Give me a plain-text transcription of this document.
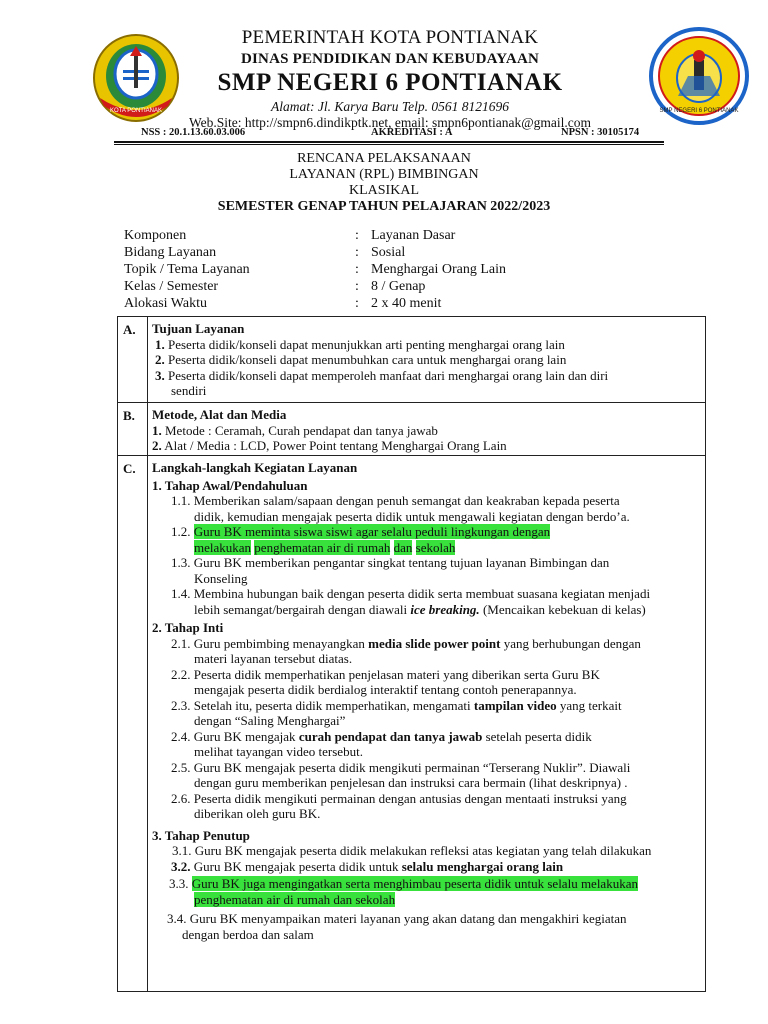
KOTA PONTIANAK
PEMERINTAH KOTA PONTIANAK
DINAS PENDIDIKAN DAN KEBUDAYAAN
SMP NEGERI 6 PONTIANAK
Alamat: Jl. Karya Baru Telp. 0561 8121696
Web.Site: http://smpn6.dindikptk.net, email: smpn6pontianak@gmail.com
SMP NEGERI 6 PONTIANAK
NSS : 20.1.13.60.03.006	AKREDITASI : A	NPSN : 30105174
RENCANA PELAKSANAAN
LAYANAN (RPL) BIMBINGAN
KLASIKAL
SEMESTER GENAP TAHUN PELAJARAN 2022/2023
Komponen	: Layanan Dasar
Bidang Layanan	: Sosial
Topik / Tema Layanan	: Menghargai Orang Lain
Kelas / Semester	: 8 / Genap
Alokasi Waktu	: 2 x 40 menit
A. Tujuan Layanan
1. Peserta didik/konseli dapat menunjukkan arti penting menghargai orang lain
2. Peserta didik/konseli dapat menumbuhkan cara untuk menghargai orang lain
3. Peserta didik/konseli dapat memperoleh manfaat dari menghargai orang lain dan diri
sendiri
B. Metode, Alat dan Media
1. Metode : Ceramah, Curah pendapat dan tanya jawab
2. Alat / Media : LCD, Power Point tentang Menghargai Orang Lain
C. Langkah-langkah Kegiatan Layanan
1. Tahap Awal/Pendahuluan
1.1. Memberikan salam/sapaan dengan penuh semangat dan keakraban kepada peserta
didik, kemudian mengajak peserta didik untuk mengawali kegiatan dengan berdo’a.
1.2. Guru BK meminta siswa siswi agar selalu peduli lingkungan dengan
melakukan penghematan air di rumah dan sekolah
1.3. Guru BK memberikan pengantar singkat tentang tujuan layanan Bimbingan dan
Konseling
1.4. Membina hubungan baik dengan peserta didik serta membuat suasana kegiatan menjadi
lebih semangat/bergairah dengan diawali ice breaking. (Mencaikan kebekuan di kelas)
2. Tahap Inti
2.1. Guru pembimbing menayangkan media slide power point yang berhubungan dengan
materi layanan tersebut diatas.
2.2. Peserta didik memperhatikan penjelasan materi yang diberikan serta Guru BK
mengajak peserta didik berdialog interaktif tentang contoh penerapannya.
2.3. Setelah itu, peserta didik memperhatikan, mengamati tampilan video yang terkait
dengan “Saling Menghargai”
2.4. Guru BK mengajak curah pendapat dan tanya jawab setelah peserta didik
melihat tayangan video tersebut.
2.5. Guru BK mengajak peserta didik mengikuti permainan “Terserang Nuklir”. Diawali
dengan guru memberikan penjelesan dan instruksi cara bermain (lihat deskripnya) .
2.6. Peserta didik mengikuti permainan dengan antusias dengan mentaati instruksi yang
diberikan oleh guru BK.
3. Tahap Penutup
3.1. Guru BK mengajak peserta didik melakukan refleksi atas kegiatan yang telah dilakukan
3.2. Guru BK mengajak peserta didik untuk selalu menghargai orang lain
3.3. Guru BK juga mengingatkan serta menghimbau peserta didik untuk selalu melakukan
penghematan air di rumah dan sekolah
3.4. Guru BK menyampaikan materi layanan yang akan datang dan mengakhiri kegiatan
dengan berdoa dan salam
